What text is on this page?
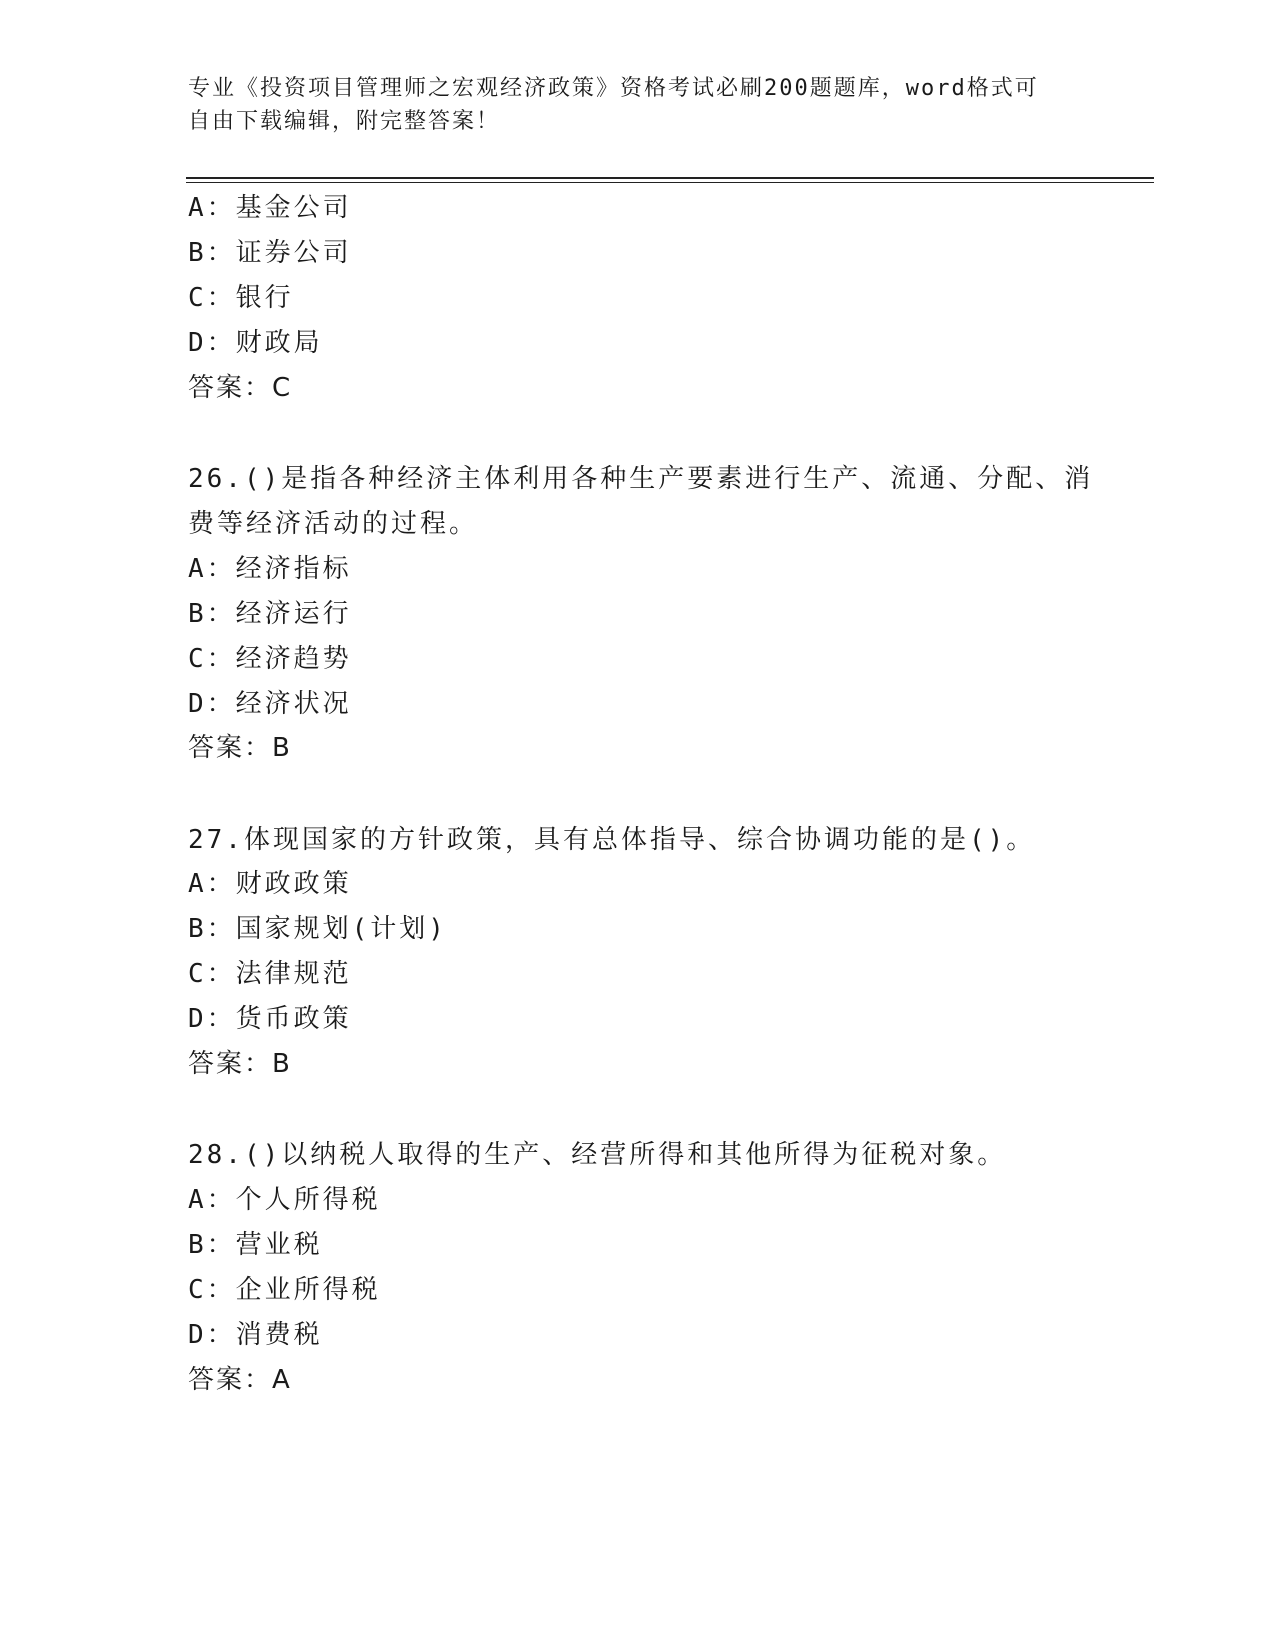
专业《投资项目管理师之宏观经济政策》资格考试必刷200题题库，word格式可
自由下载编辑，附完整答案！

A：基金公司

B：证券公司

C：银行

D：财政局

答案：C

26.()是指各种经济主体利用各种生产要素进行生产、流通、分配、消

费等经济活动的过程。

A：经济指标

B：经济运行

C：经济趋势

D：经济状况

答案：B

27.体现国家的方针政策，具有总体指导、综合协调功能的是()。

A：财政政策

B：国家规划(计划)

C：法律规范

D：货币政策

答案：B

28.()以纳税人取得的生产、经营所得和其他所得为征税对象。

A：个人所得税

B：营业税

C：企业所得税

D：消费税

答案：A
